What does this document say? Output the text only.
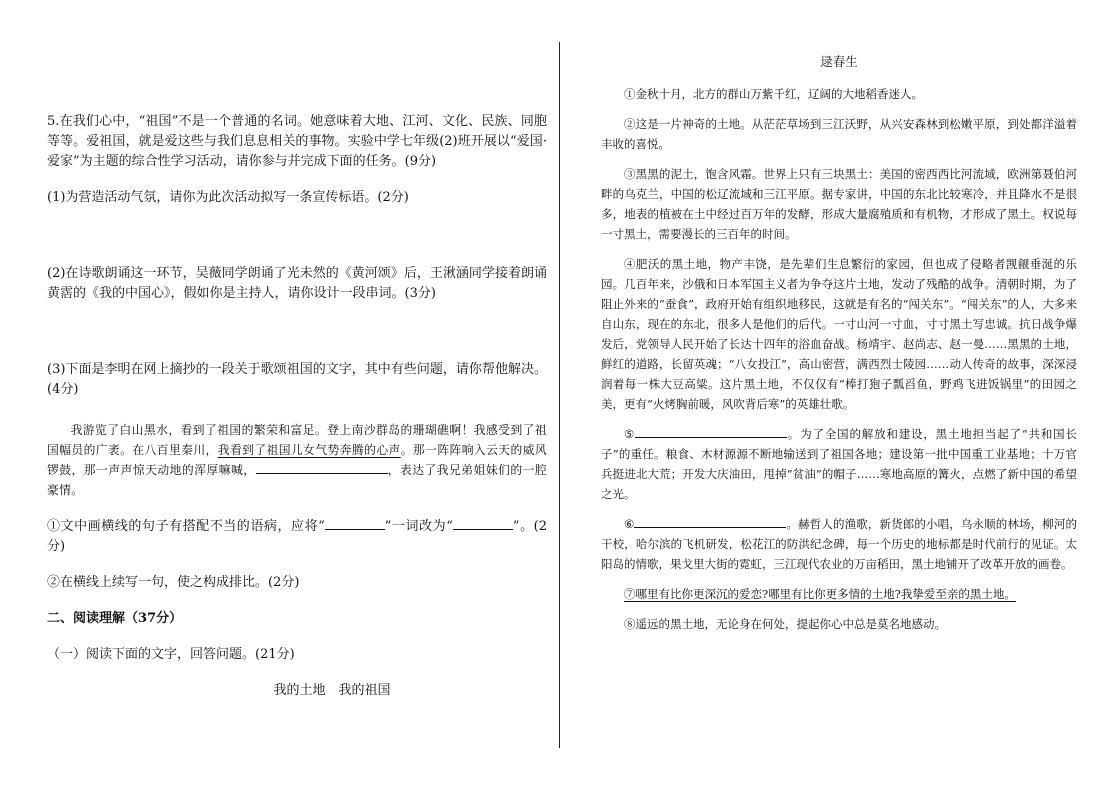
5.在我们心中，“祖国”不是一个普通的名词。她意味着大地、江河、文化、民族、同胞等等。爱祖国，就是爱这些与我们息息相关的事物。实验中学七年级(2)班开展以“爱国·爱家”为主题的综合性学习活动，请你参与并完成下面的任务。(9分)

(1)为营造活动气氛，请你为此次活动拟写一条宣传标语。(2分)

(2)在诗歌朗诵这一环节，吴薇同学朗诵了光未然的《黄河颂》后，王湫涵同学接着朗诵黄霑的《我的中国心》，假如你是主持人，请你设计一段串词。(3分)

(3)下面是李明在网上摘抄的一段关于歌颂祖国的文字，其中有些问题，请你帮他解决。(4分)

我游览了白山黑水，看到了祖国的繁荣和富足。登上南沙群岛的珊瑚礁啊！我感受到了祖国幅员的广袤。在八百里秦川，我看到了祖国儿女气势奔腾的心声。那一阵阵响入云天的威风锣鼓，那一声声惊天动地的浑厚嘛喊，	，表达了我兄弟姐妹们的一腔豪情。

①文中画横线的句子有搭配不当的语病，应将“	”一词改为“	”。(2分)

②在横线上续写一句，使之构成排比。(2分)

二、阅读理解（37分）

（一）阅读下面的文字，回答问题。(21分)

我的土地　我的祖国

逯春生

①金秋十月，北方的群山万紫千红，辽阔的大地稻香迷人。

②这是一片神奇的土地。从茫茫草场到三江沃野，从兴安森林到松嫩平原，到处都洋溢着丰收的喜悦。

③黑黑的泥土，饱含风霜。世界上只有三块黑土：美国的密西西比河流域，欧洲第聂伯河畔的乌克兰，中国的松辽流域和三江平原。据专家讲，中国的东北比较寒冷，并且降水不是很多，地表的植被在土中经过百万年的发酵，形成大量腐殖质和有机物，才形成了黑土。权说每一寸黑土，需要漫长的三百年的时间。

④肥沃的黑土地，物产丰饶，是先辈们生息繁衍的家园，但也成了侵略者觊觎垂涎的乐园。几百年来，沙俄和日本军国主义者为争夺这片土地，发动了残酷的战争。清朝时期，为了阻止外来的“蚕食”，政府开始有组织地移民，这就是有名的“闯关东”。“闯关东”的人，大多来自山东，现在的东北，很多人是他们的后代。一寸山河一寸血，寸寸黑土写忠诚。抗日战争爆发后，党领导人民开始了长达十四年的浴血奋战。杨靖宇、赵尚志、赵一曼……黑黑的土地，鲜红的道路，长留英魂；“八女投江”，高山密营，满西烈士陵园……动人传奇的故事，深深浸润着每一株大豆高粱。这片黑土地，不仅仅有“棒打狍子瓢舀鱼，野鸡飞进饭锅里”的田园之美，更有“火烤胸前暖，风吹背后寒”的英雄壮歌。

⑤	。为了全国的解放和建设，黑土地担当起了“共和国长子”的重任。粮食、木材源源不断地输送到了祖国各地；建设第一批中国重工业基地；十万官兵挺进北大荒；开发大庆油田，甩掉“贫油”的帽子……寒地高原的篝火，点燃了新中国的希望之光。

⑥	。赫哲人的渔歌，新货郎的小唱，乌永顺的林场，柳河的干校，哈尔滨的飞机研发，松花江的防洪纪念碑，每一个历史的地标都是时代前行的见证。太阳岛的情歌，果戈里大街的霓虹，三江现代农业的万亩稻田，黑土地铺开了改革开放的画卷。

⑦哪里有比你更深沉的爱恋?哪里有比你更多情的土地?我挚爱至亲的黑土地。

⑧遥远的黑土地，无论身在何处，提起你心中总是莫名地感动。
